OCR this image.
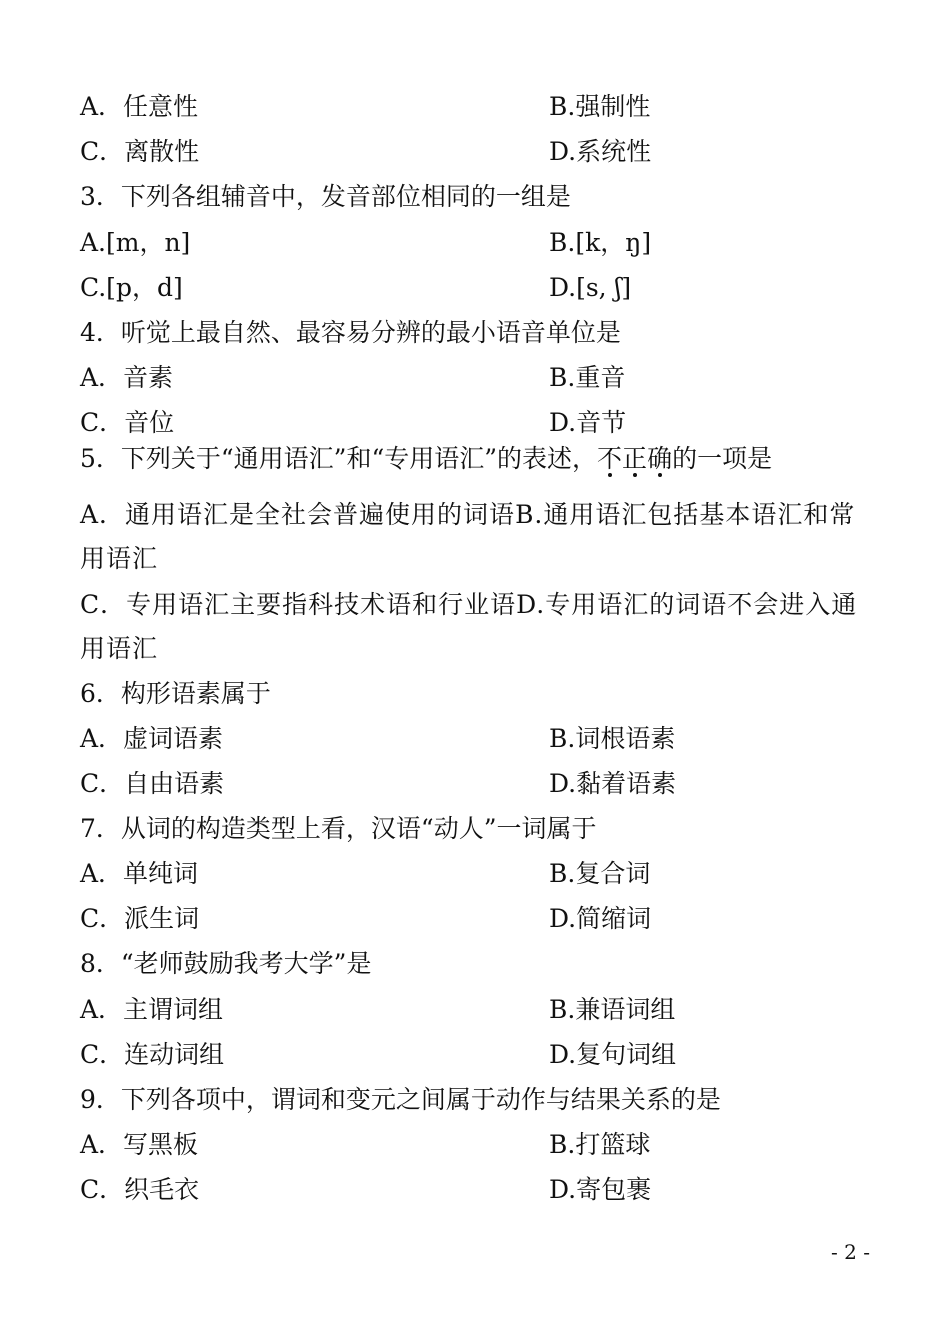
A．任意性	B.强制性
C．离散性	D.系统性
3．下列各组辅音中，发音部位相同的一组是
A.[m，n]	B.[k，ŋ]
C.[p，d]	D.[s, ʃ]
4．听觉上最自然、最容易分辨的最小语音单位是
A．音素	B.重音
C．音位	D.音节
5．下列关于“通用语汇”和“专用语汇”的表述，不正确的一项是
A．通用语汇是全社会普遍使用的词语B.通用语汇包括基本语汇和常用语汇
C．专用语汇主要指科技术语和行业语D.专用语汇的词语不会进入通用语汇
6．构形语素属于
A．虚词语素	B.词根语素
C．自由语素	D.黏着语素
7．从词的构造类型上看，汉语“动人”一词属于
A．单纯词	B.复合词
C．派生词	D.简缩词
8．“老师鼓励我考大学”是
A．主谓词组	B.兼语词组
C．连动词组	D.复句词组
9．下列各项中，谓词和变元之间属于动作与结果关系的是
A．写黑板	B.打篮球
C．织毛衣	D.寄包裹
- 2 -
